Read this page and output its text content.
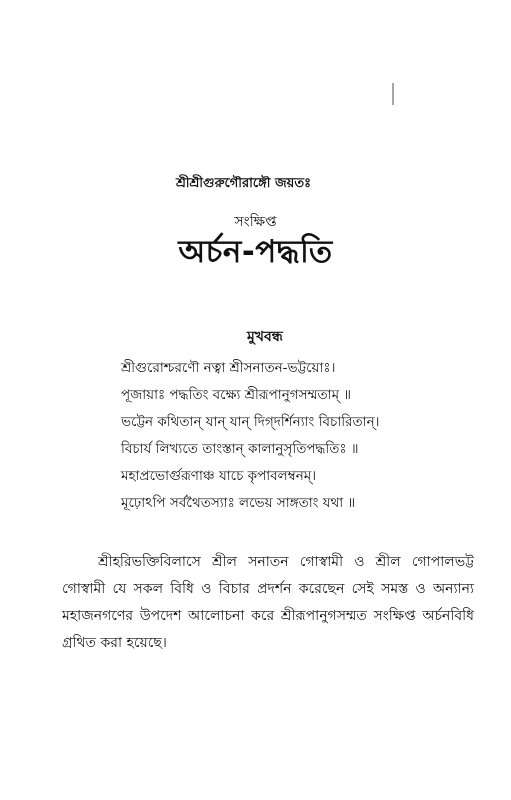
শ্রীশ্রীগুরুগৌরাঙ্গৌ জয়তঃ
সংক্ষিপ্ত
অর্চন-পদ্ধতি
মুখবন্ধ
শ্রীগুরোশ্চরণৌ নত্বা শ্রীসনাতন-ভট্টয়োঃ।
পূজায়াঃ পদ্ধতিং বক্ষ্যে শ্রীরূপানুগসম্মতাম্ ॥
ভট্টেন কথিতান্ যান্ যান্ দিগ্‌দর্শিন্যাং বিচারিতান্।
বিচার্য লিখ্যতে তাংস্তান্ কালানুসৃতিপদ্ধতিঃ ॥
মহাপ্রভোর্গুরূণাঞ্চ যাচে কৃপাবলম্বনম্।
মূঢ়োঽপি সর্বথৈতস্যাঃ লভেয় সাঙ্গতাং যথা ॥

শ্রীহরিভক্তিবিলাসে শ্রীল সনাতন গোস্বামী ও শ্রীল গোপালভট্ট গোস্বামী যে সকল বিধি ও বিচার প্রদর্শন করেছেন সেই সমস্ত ও অন্যান্য মহাজনগণের উপদেশ আলোচনা করে শ্রীরূপানুগসম্মত সংক্ষিপ্ত অর্চনবিধি গ্রথিত করা হয়েছে।
